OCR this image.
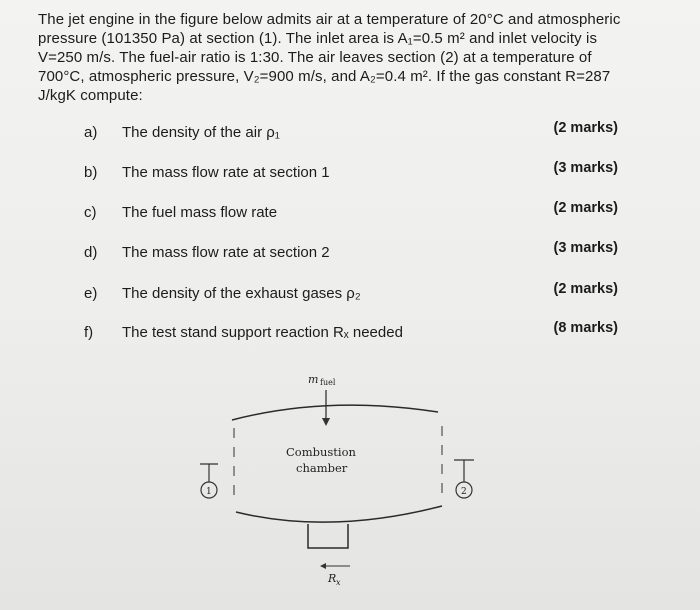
The jet engine in the figure below admits air at a temperature of 20°C and atmospheric pressure (101350 Pa) at section (1). The inlet area is A₁=0.5 m² and inlet velocity is V=250 m/s. The fuel-air ratio is 1:30. The air leaves section (2) at a temperature of 700°C, atmospheric pressure, V₂=900 m/s, and A₂=0.4 m². If the gas constant R=287 J/kgK compute:
a)	The density of the air ρ₁	(2 marks)
b)	The mass flow rate at section 1	(3 marks)
c)	The fuel mass flow rate	(2 marks)
d)	The mass flow rate at section 2	(3 marks)
e)	The density of the exhaust gases ρ₂	(2 marks)
f)	The test stand support reaction Rₓ needed	(8 marks)
m fuel
Combustion
chamber
1	2
R x
